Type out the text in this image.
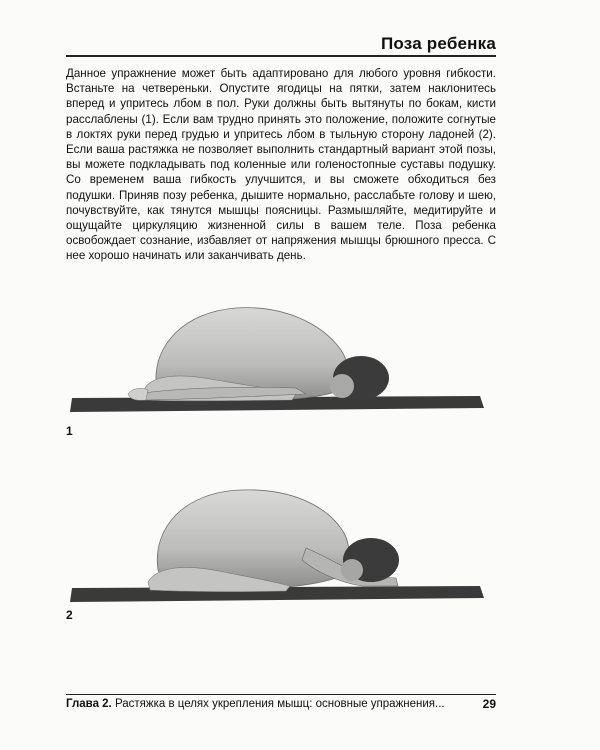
Поза ребенка

Данное упражнение может быть адаптировано для любого уровня гибкости. Встаньте на четвереньки. Опустите ягодицы на пятки, затем наклонитесь вперед и упритесь лбом в пол. Руки должны быть вытянуты по бокам, кисти расслаблены (1). Если вам трудно принять это положение, положите согнутые в локтях руки перед грудью и упритесь лбом в тыльную сторону ладоней (2). Если ваша растяжка не позволяет выполнить стандартный вариант этой позы, вы можете подкладывать под коленные или голеностопные суставы подушку. Со временем ваша гибкость улучшится, и вы сможете обходиться без подушки. Приняв позу ребенка, дышите нормально, расслабьте голову и шею, почувствуйте, как тянутся мышцы поясницы. Размышляйте, медитируйте и ощущайте циркуляцию жизненной силы в вашем теле. Поза ребенка освобождает сознание, избавляет от напряжения мышцы брюшного пресса. С нее хорошо начинать или заканчивать день.

1
2
Глава 2. Растяжка в целях укрепления мышц: основные упражнения...	29
